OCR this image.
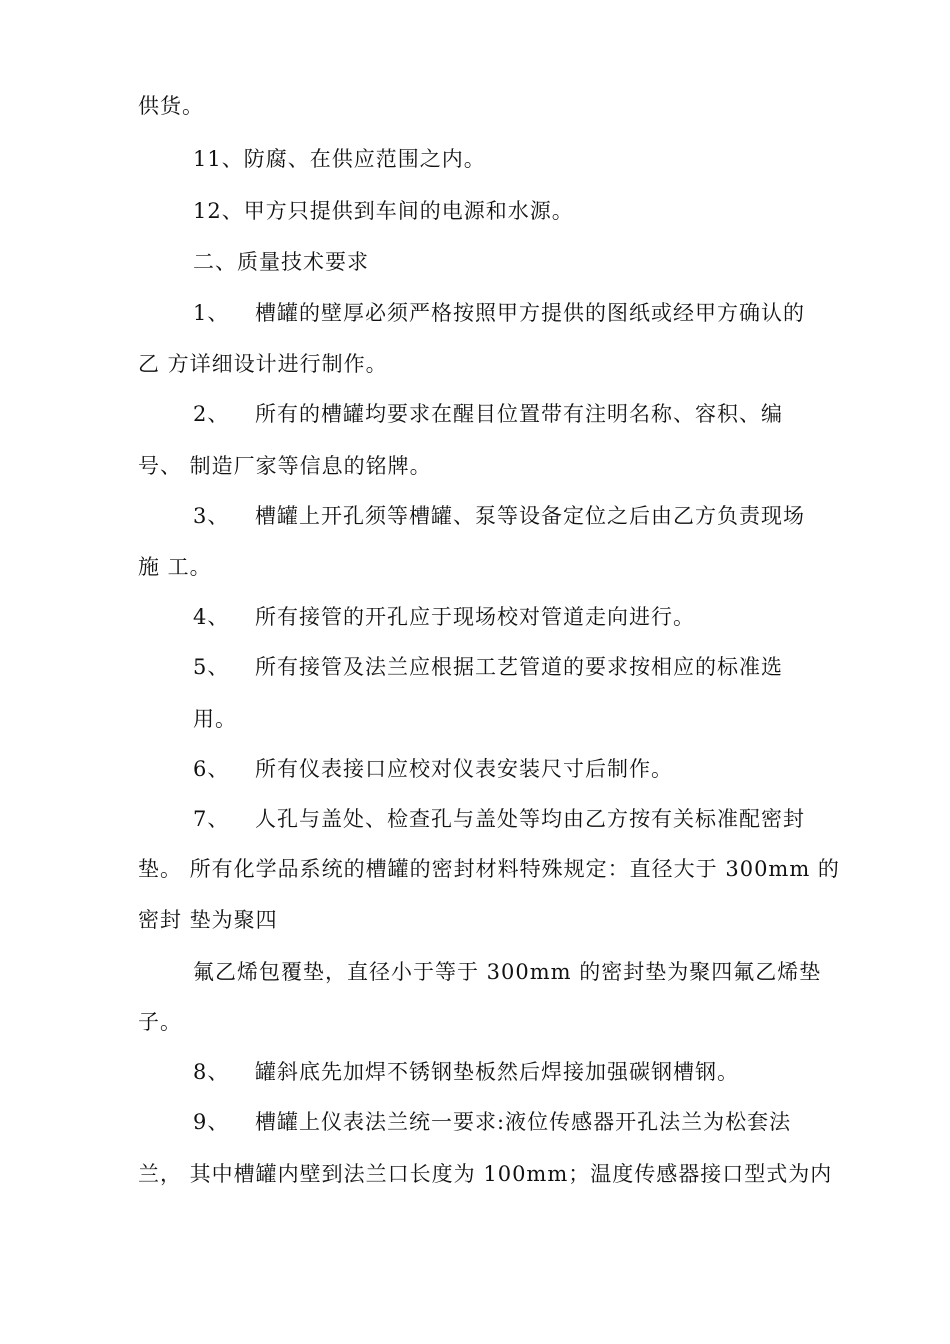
供货。
11、防腐、在供应范围之内。
12、甲方只提供到车间的电源和水源。
二、质量技术要求
1、 槽罐的壁厚必须严格按照甲方提供的图纸或经甲方确认的
乙 方详细设计进行制作。
2、 所有的槽罐均要求在醒目位置带有注明名称、容积、编
号、 制造厂家等信息的铭牌。
3、 槽罐上开孔须等槽罐、泵等设备定位之后由乙方负责现场
施 工。
4、 所有接管的开孔应于现场校对管道走向进行。
5、 所有接管及法兰应根据工艺管道的要求按相应的标准选
用。
6、 所有仪表接口应校对仪表安装尺寸后制作。
7、 人孔与盖处、检查孔与盖处等均由乙方按有关标准配密封
垫。 所有化学品系统的槽罐的密封材料特殊规定：直径大于 300mm 的
密封 垫为聚四
氟乙烯包覆垫，直径小于等于 300mm 的密封垫为聚四氟乙烯垫
子。
8、 罐斜底先加焊不锈钢垫板然后焊接加强碳钢槽钢。
9、 槽罐上仪表法兰统一要求:液位传感器开孔法兰为松套法
兰， 其中槽罐内壁到法兰口长度为 100mm；温度传感器接口型式为内
